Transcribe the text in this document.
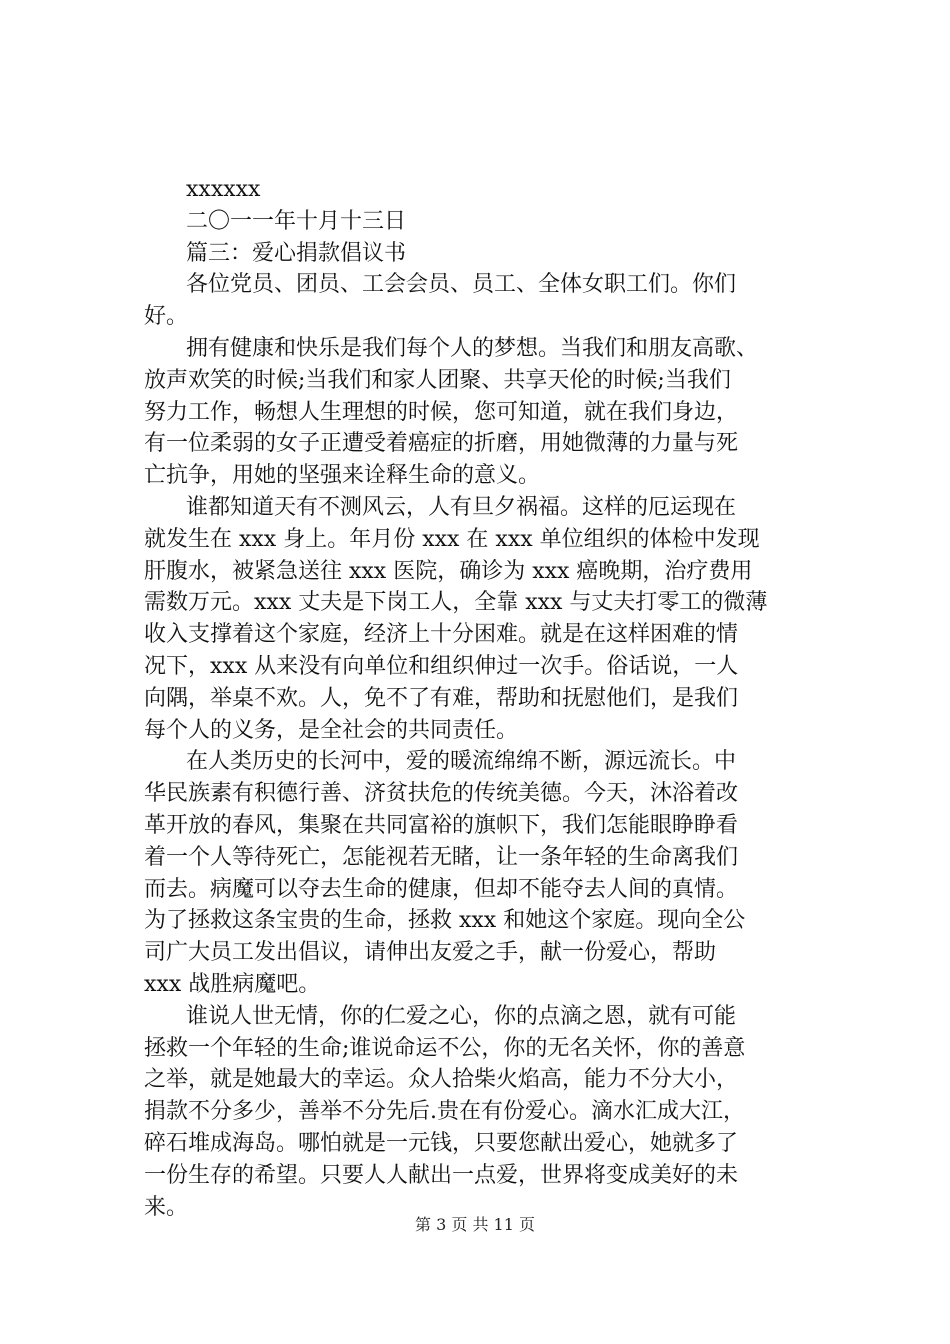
xxxxxx
二〇一一年十月十三日
篇三：爱心捐款倡议书
各位党员、团员、工会会员、员工、全体女职工们。你们
好。
拥有健康和快乐是我们每个人的梦想。当我们和朋友高歌、
放声欢笑的时候;当我们和家人团聚、共享天伦的时候;当我们
努力工作，畅想人生理想的时候，您可知道，就在我们身边，
有一位柔弱的女子正遭受着癌症的折磨，用她微薄的力量与死
亡抗争，用她的坚强来诠释生命的意义。
谁都知道天有不测风云，人有旦夕祸福。这样的厄运现在
就发生在 xxx 身上。年月份 xxx 在 xxx 单位组织的体检中发现
肝腹水，被紧急送往 xxx 医院，确诊为 xxx 癌晚期，治疗费用
需数万元。xxx 丈夫是下岗工人，全靠 xxx 与丈夫打零工的微薄
收入支撑着这个家庭，经济上十分困难。就是在这样困难的情
况下，xxx 从来没有向单位和组织伸过一次手。俗话说，一人
向隅，举桌不欢。人，免不了有难，帮助和抚慰他们，是我们
每个人的义务，是全社会的共同责任。
在人类历史的长河中，爱的暖流绵绵不断，源远流长。中
华民族素有积德行善、济贫扶危的传统美德。今天，沐浴着改
革开放的春风，集聚在共同富裕的旗帜下，我们怎能眼睁睁看
着一个人等待死亡，怎能视若无睹，让一条年轻的生命离我们
而去。病魔可以夺去生命的健康，但却不能夺去人间的真情。
为了拯救这条宝贵的生命，拯救 xxx 和她这个家庭。现向全公
司广大员工发出倡议，请伸出友爱之手，献一份爱心，帮助
xxx 战胜病魔吧。
谁说人世无情，你的仁爱之心，你的点滴之恩，就有可能
拯救一个年轻的生命;谁说命运不公，你的无名关怀，你的善意
之举，就是她最大的幸运。众人拾柴火焰高，能力不分大小，
捐款不分多少，善举不分先后.贵在有份爱心。滴水汇成大江，
碎石堆成海岛。哪怕就是一元钱，只要您献出爱心，她就多了
一份生存的希望。只要人人献出一点爱，世界将变成美好的未
来。
第 3 页 共 11 页
